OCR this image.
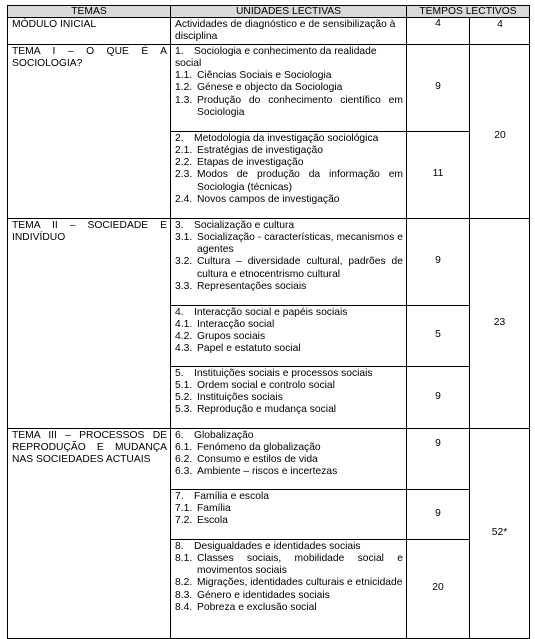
TEMAS	UNIDADES LECTIVAS	TEMPOS LECTIVOS	
MÓDULO INICIAL	Actividades de diagnóstico e de sensibilização à disciplina	4	4
TEMA I – O QUE É A SOCIOLOGIA?	1. Sociologia e conhecimento da realidade social
1.1. Ciências Sociais e Sociologia
1.2. Génese e objecto da Sociologia
1.3. Produção do conhecimento científico em Sociologia	9	20

	2. Metodologia da investigação sociológica
2.1. Estratégias de investigação
2.2. Etapas de investigação
2.3. Modos de produção da informação em Sociologia (técnicas)
2.4. Novos campos de investigação	11	
TEMA II – SOCIEDADE E INDIVÍDUO	3. Socialização e cultura
3.1. Socialização - características, mecanismos e agentes
3.2. Cultura – diversidade cultural, padrões de cultura e etnocentrismo cultural
3.3. Representações sociais	9	23

	4. Interacção social e papéis sociais
4.1. Interacção social
4.2. Grupos sociais
4.3. Papel e estatuto social	5	

	5. Instituições sociais e processos sociais
5.1. Ordem social e controlo social
5.2. Instituições sociais
5.3. Reprodução e mudança social	9	
TEMA III – PROCESSOS DE REPRODUÇÃO E MUDANÇA NAS SOCIEDADES ACTUAIS	6. Globalização
6.1. Fenómeno da globalização
6.2. Consumo e estilos de vida
6.3. Ambiente – riscos e incertezas	9	52*

	7. Família e escola
7.1. Família
7.2. Escola	9	

	8. Desigualdades e identidades sociais
8.1. Classes sociais, mobilidade social e movimentos sociais
8.2. Migrações, identidades culturais e etnicidade
8.3. Género e identidades sociais
8.4. Pobreza e exclusão social	20	
